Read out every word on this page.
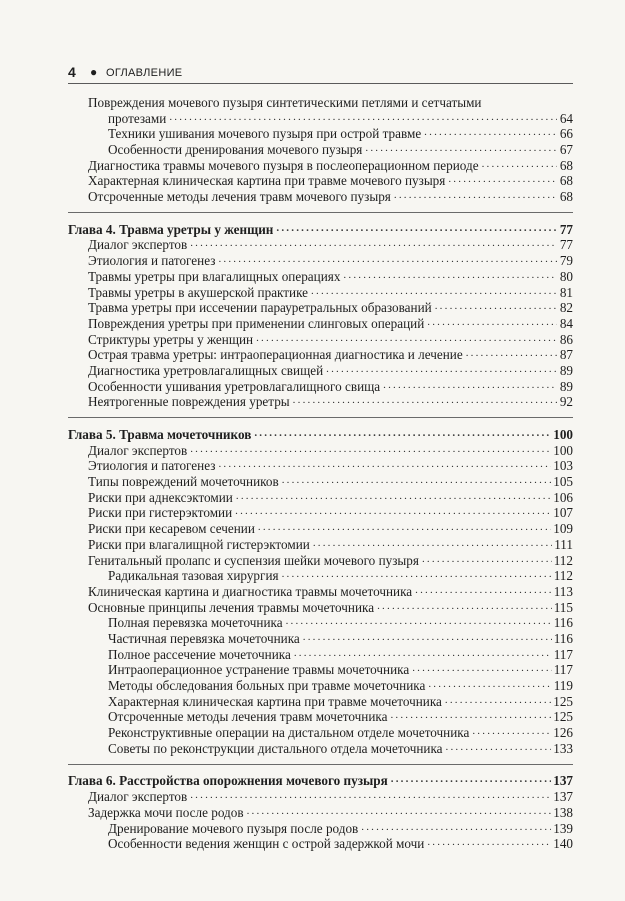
4 ● ОГЛАВЛЕНИЕ
Повреждения мочевого пузыря синтетическими петлями и сетчатыми
протезами .....	64
Техники ушивания мочевого пузыря при острой травме .....	66
Особенности дренирования мочевого пузыря .....	67
Диагностика травмы мочевого пузыря в послеоперационном периоде .....	68
Характерная клиническая картина при травме мочевого пузыря .....	68
Отсроченные методы лечения травм мочевого пузыря .....	68
Глава 4. Травма уретры у женщин .....	77
Диалог экспертов .....	77
Этиология и патогенез .....	79
Травмы уретры при влагалищных операциях .....	80
Травмы уретры в акушерской практике .....	81
Травма уретры при иссечении парауретральных образований .....	82
Повреждения уретры при применении слинговых операций .....	84
Стриктуры уретры у женщин .....	86
Острая травма уретры: интраоперационная диагностика и лечение .....	87
Диагностика уретровлагалищных свищей .....	89
Особенности ушивания уретровлагалищного свища .....	89
Неятрогенные повреждения уретры .....	92
Глава 5. Травма мочеточников .....	100
Диалог экспертов .....	100
Этиология и патогенез .....	103
Типы повреждений мочеточников .....	105
Риски при аднексэктомии .....	106
Риски при гистерэктомии .....	107
Риски при кесаревом сечении .....	109
Риски при влагалищной гистерэктомии .....	111
Генитальный пролапс и суспензия шейки мочевого пузыря .....	112
Радикальная тазовая хирургия .....	112
Клиническая картина и диагностика травмы мочеточника .....	113
Основные принципы лечения травмы мочеточника .....	115
Полная перевязка мочеточника .....	116
Частичная перевязка мочеточника .....	116
Полное рассечение мочеточника .....	117
Интраоперационное устранение травмы мочеточника .....	117
Методы обследования больных при травме мочеточника .....	119
Характерная клиническая картина при травме мочеточника .....	125
Отсроченные методы лечения травм мочеточника .....	125
Реконструктивные операции на дистальном отделе мочеточника .....	126
Советы по реконструкции дистального отдела мочеточника .....	133
Глава 6. Расстройства опорожнения мочевого пузыря .....	137
Диалог экспертов .....	137
Задержка мочи после родов .....	138
Дренирование мочевого пузыря после родов .....	139
Особенности ведения женщин с острой задержкой мочи .....	140
